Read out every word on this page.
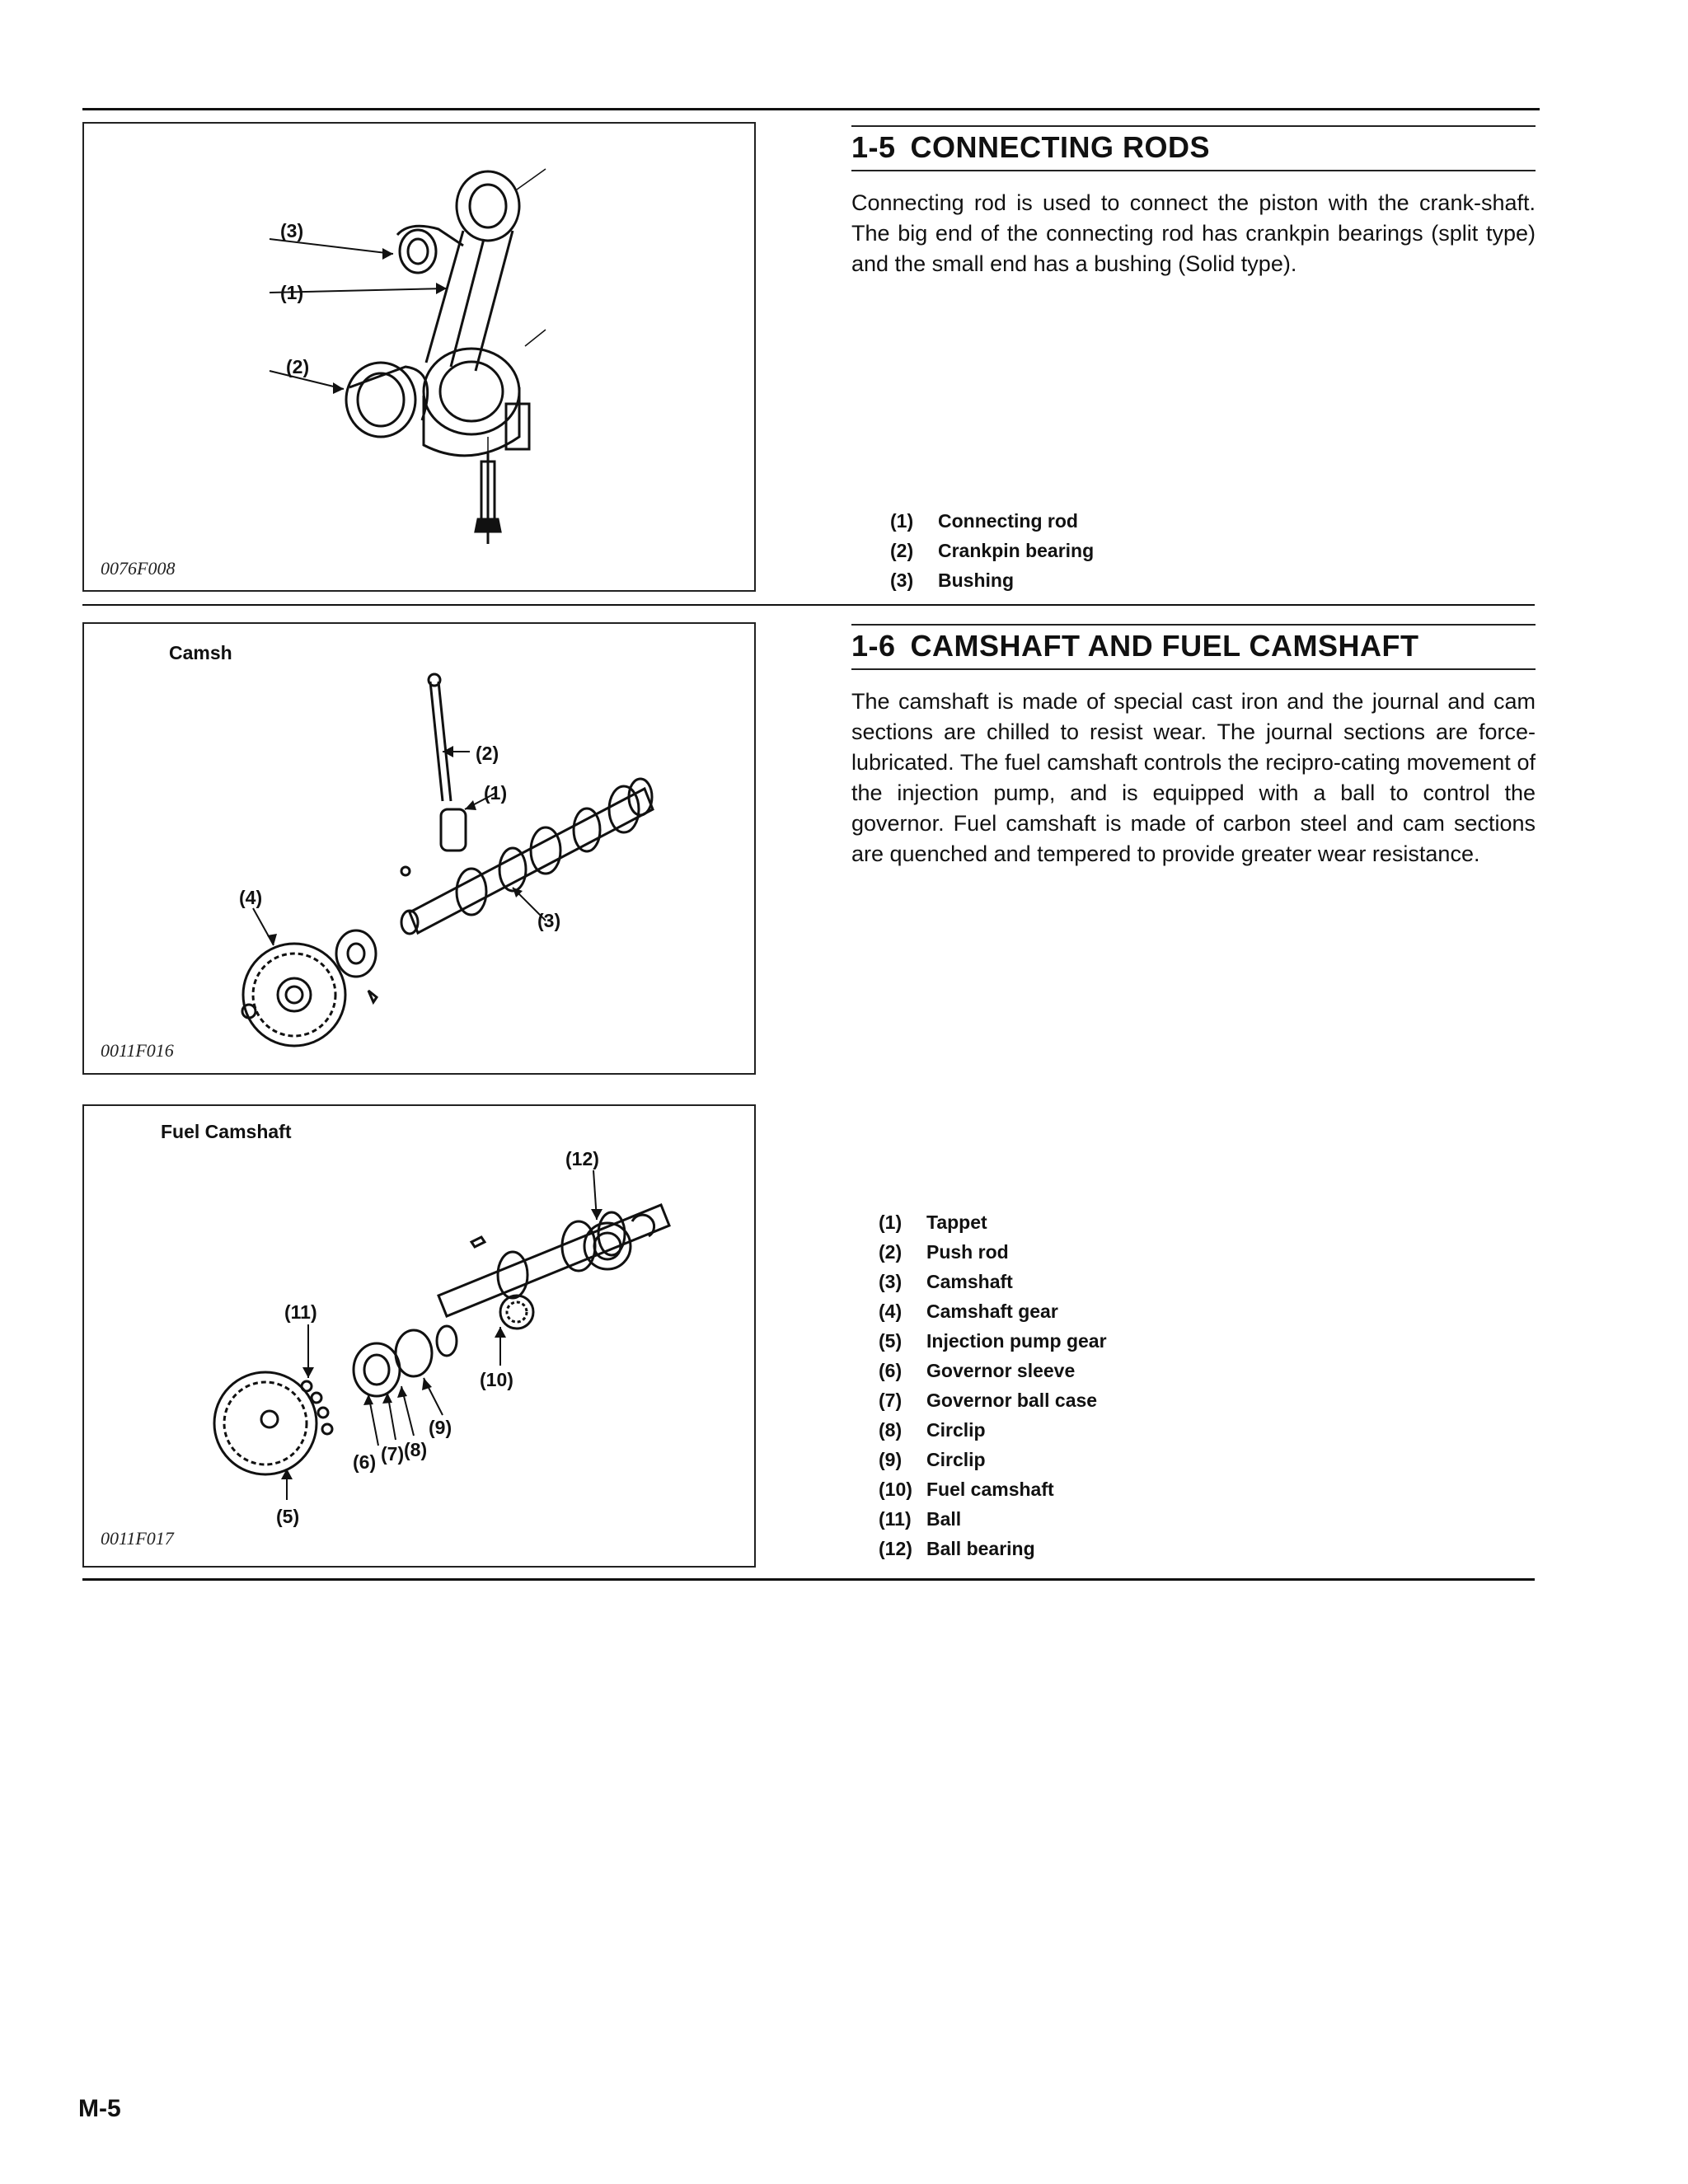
(3)
(1)
(2)
0076F008
Camsh
(2)
(1)
(4)
(3)
0011F016
Fuel Camshaft
(12)
(11)
(10)
(9)
(8)
(7)
(6)
(5)
0011F017
1-5 CONNECTING RODS
Connecting rod is used to connect the piston with the crank-shaft. The big end of the connecting rod has crankpin bearings (split type) and the small end has a bushing (Solid type).
(1)	Connecting rod
(2)	Crankpin bearing
(3)	Bushing
1-6 CAMSHAFT AND FUEL CAMSHAFT
The camshaft is made of special cast iron and the journal and cam sections are chilled to resist wear. The journal sections are force-lubricated. The fuel camshaft controls the recipro-cating movement of the injection pump, and is equipped with a ball to control the governor. Fuel camshaft is made of carbon steel and cam sections are quenched and tempered to provide greater wear resistance.
(1)	Tappet
(2)	Push rod
(3)	Camshaft
(4)	Camshaft gear
(5)	Injection pump gear
(6)	Governor sleeve
(7)	Governor ball case
(8)	Circlip
(9)	Circlip
(10) Fuel camshaft
(11) Ball
(12) Ball bearing
M-5
